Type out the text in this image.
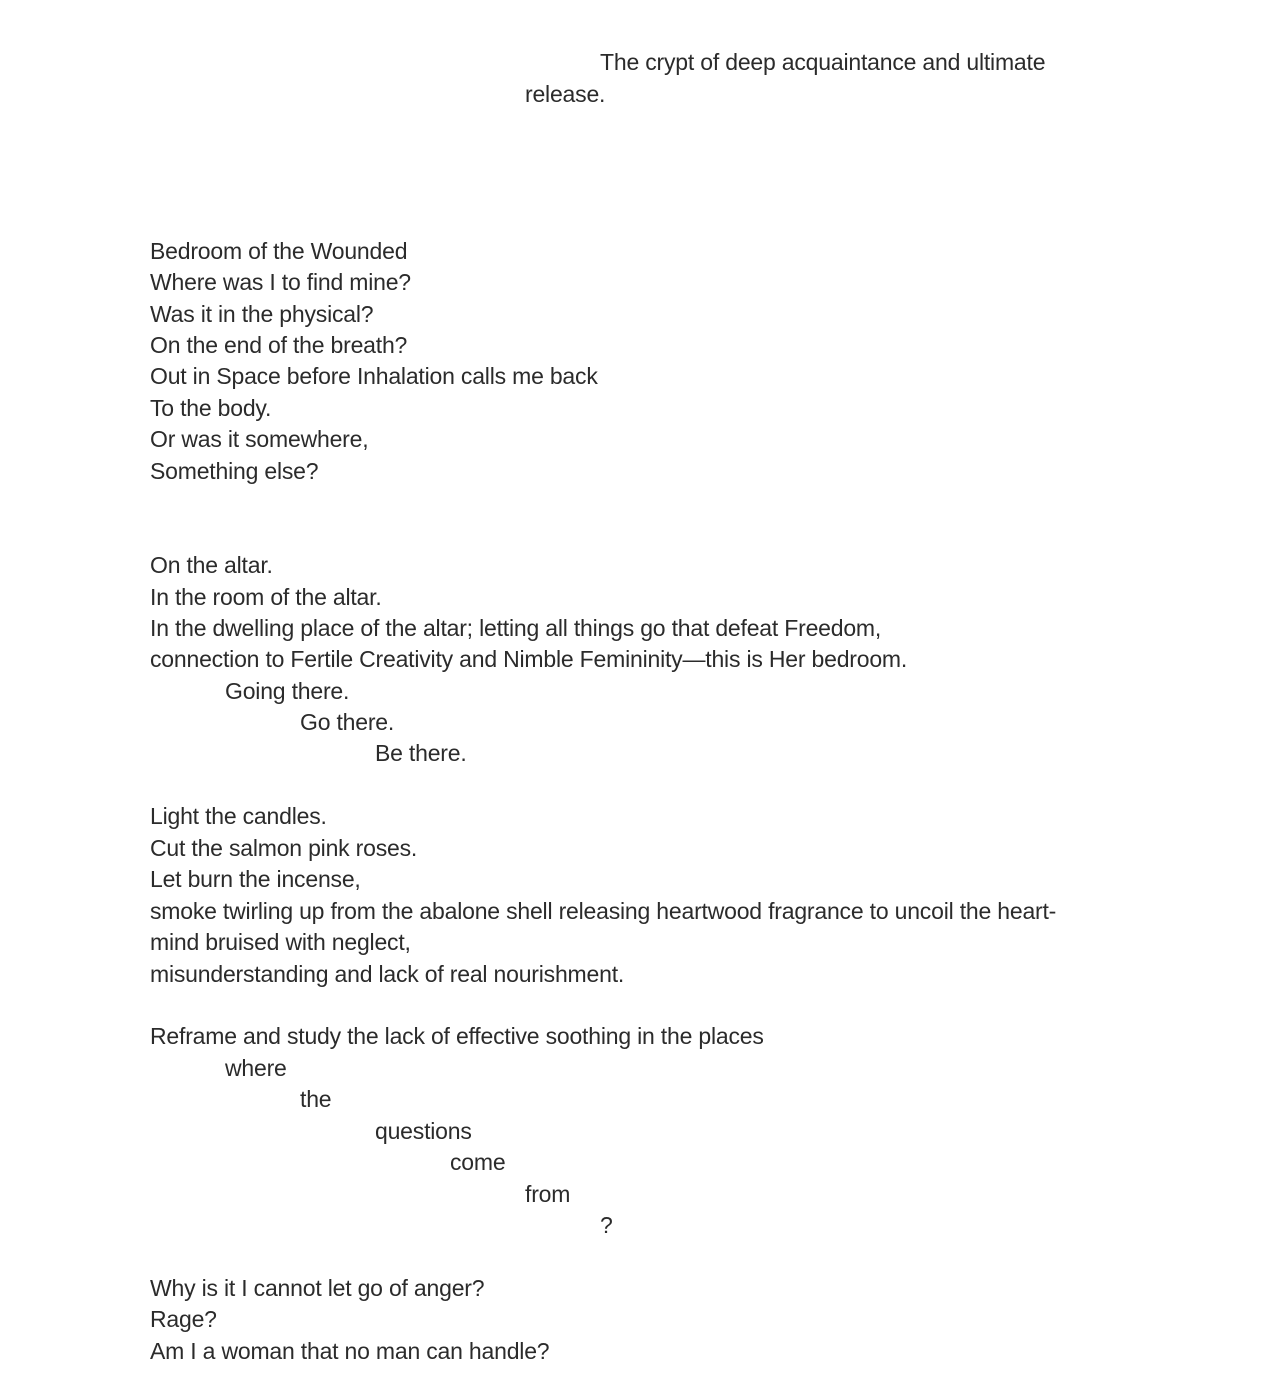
The crypt of deep acquaintance and ultimate
release.
Bedroom of the Wounded
Where was I to find mine?
Was it in the physical?
On the end of the breath?
Out in Space before Inhalation calls me back
To the body.
Or was it somewhere,
Something else?
On the altar.
In the room of the altar.
In the dwelling place of the altar; letting all things go that defeat Freedom,
connection to Fertile Creativity and Nimble Femininity—this is Her bedroom.
Going there.
Go there.
Be there.
Light the candles.
Cut the salmon pink roses.
Let burn the incense,
smoke twirling up from the abalone shell releasing heartwood fragrance to uncoil the heart-
mind bruised with neglect,
misunderstanding and lack of real nourishment.
Reframe and study the lack of effective soothing in the places
where
the
questions
come
from
?
Why is it I cannot let go of anger?
Rage?
Am I a woman that no man can handle?
